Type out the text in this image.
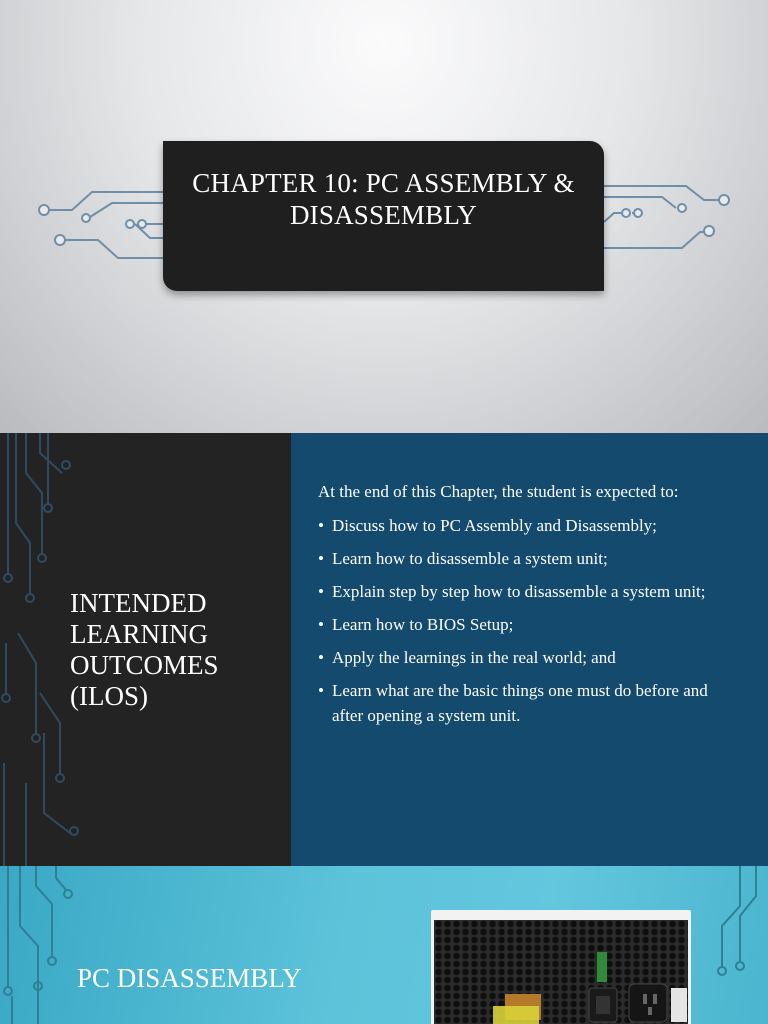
CHAPTER 10: PC ASSEMBLY & DISASSEMBLY
INTENDED LEARNING OUTCOMES (ILOS)
At the end of this Chapter, the student is expected to:
• Discuss how to PC Assembly and Disassembly;
• Learn how to disassemble a system unit;
• Explain step by step how to disassemble a system unit;
• Learn how to BIOS Setup;
• Apply the learnings in the real world; and
• Learn what are the basic things one must do before and after opening a system unit.
PC DISASSEMBLY
